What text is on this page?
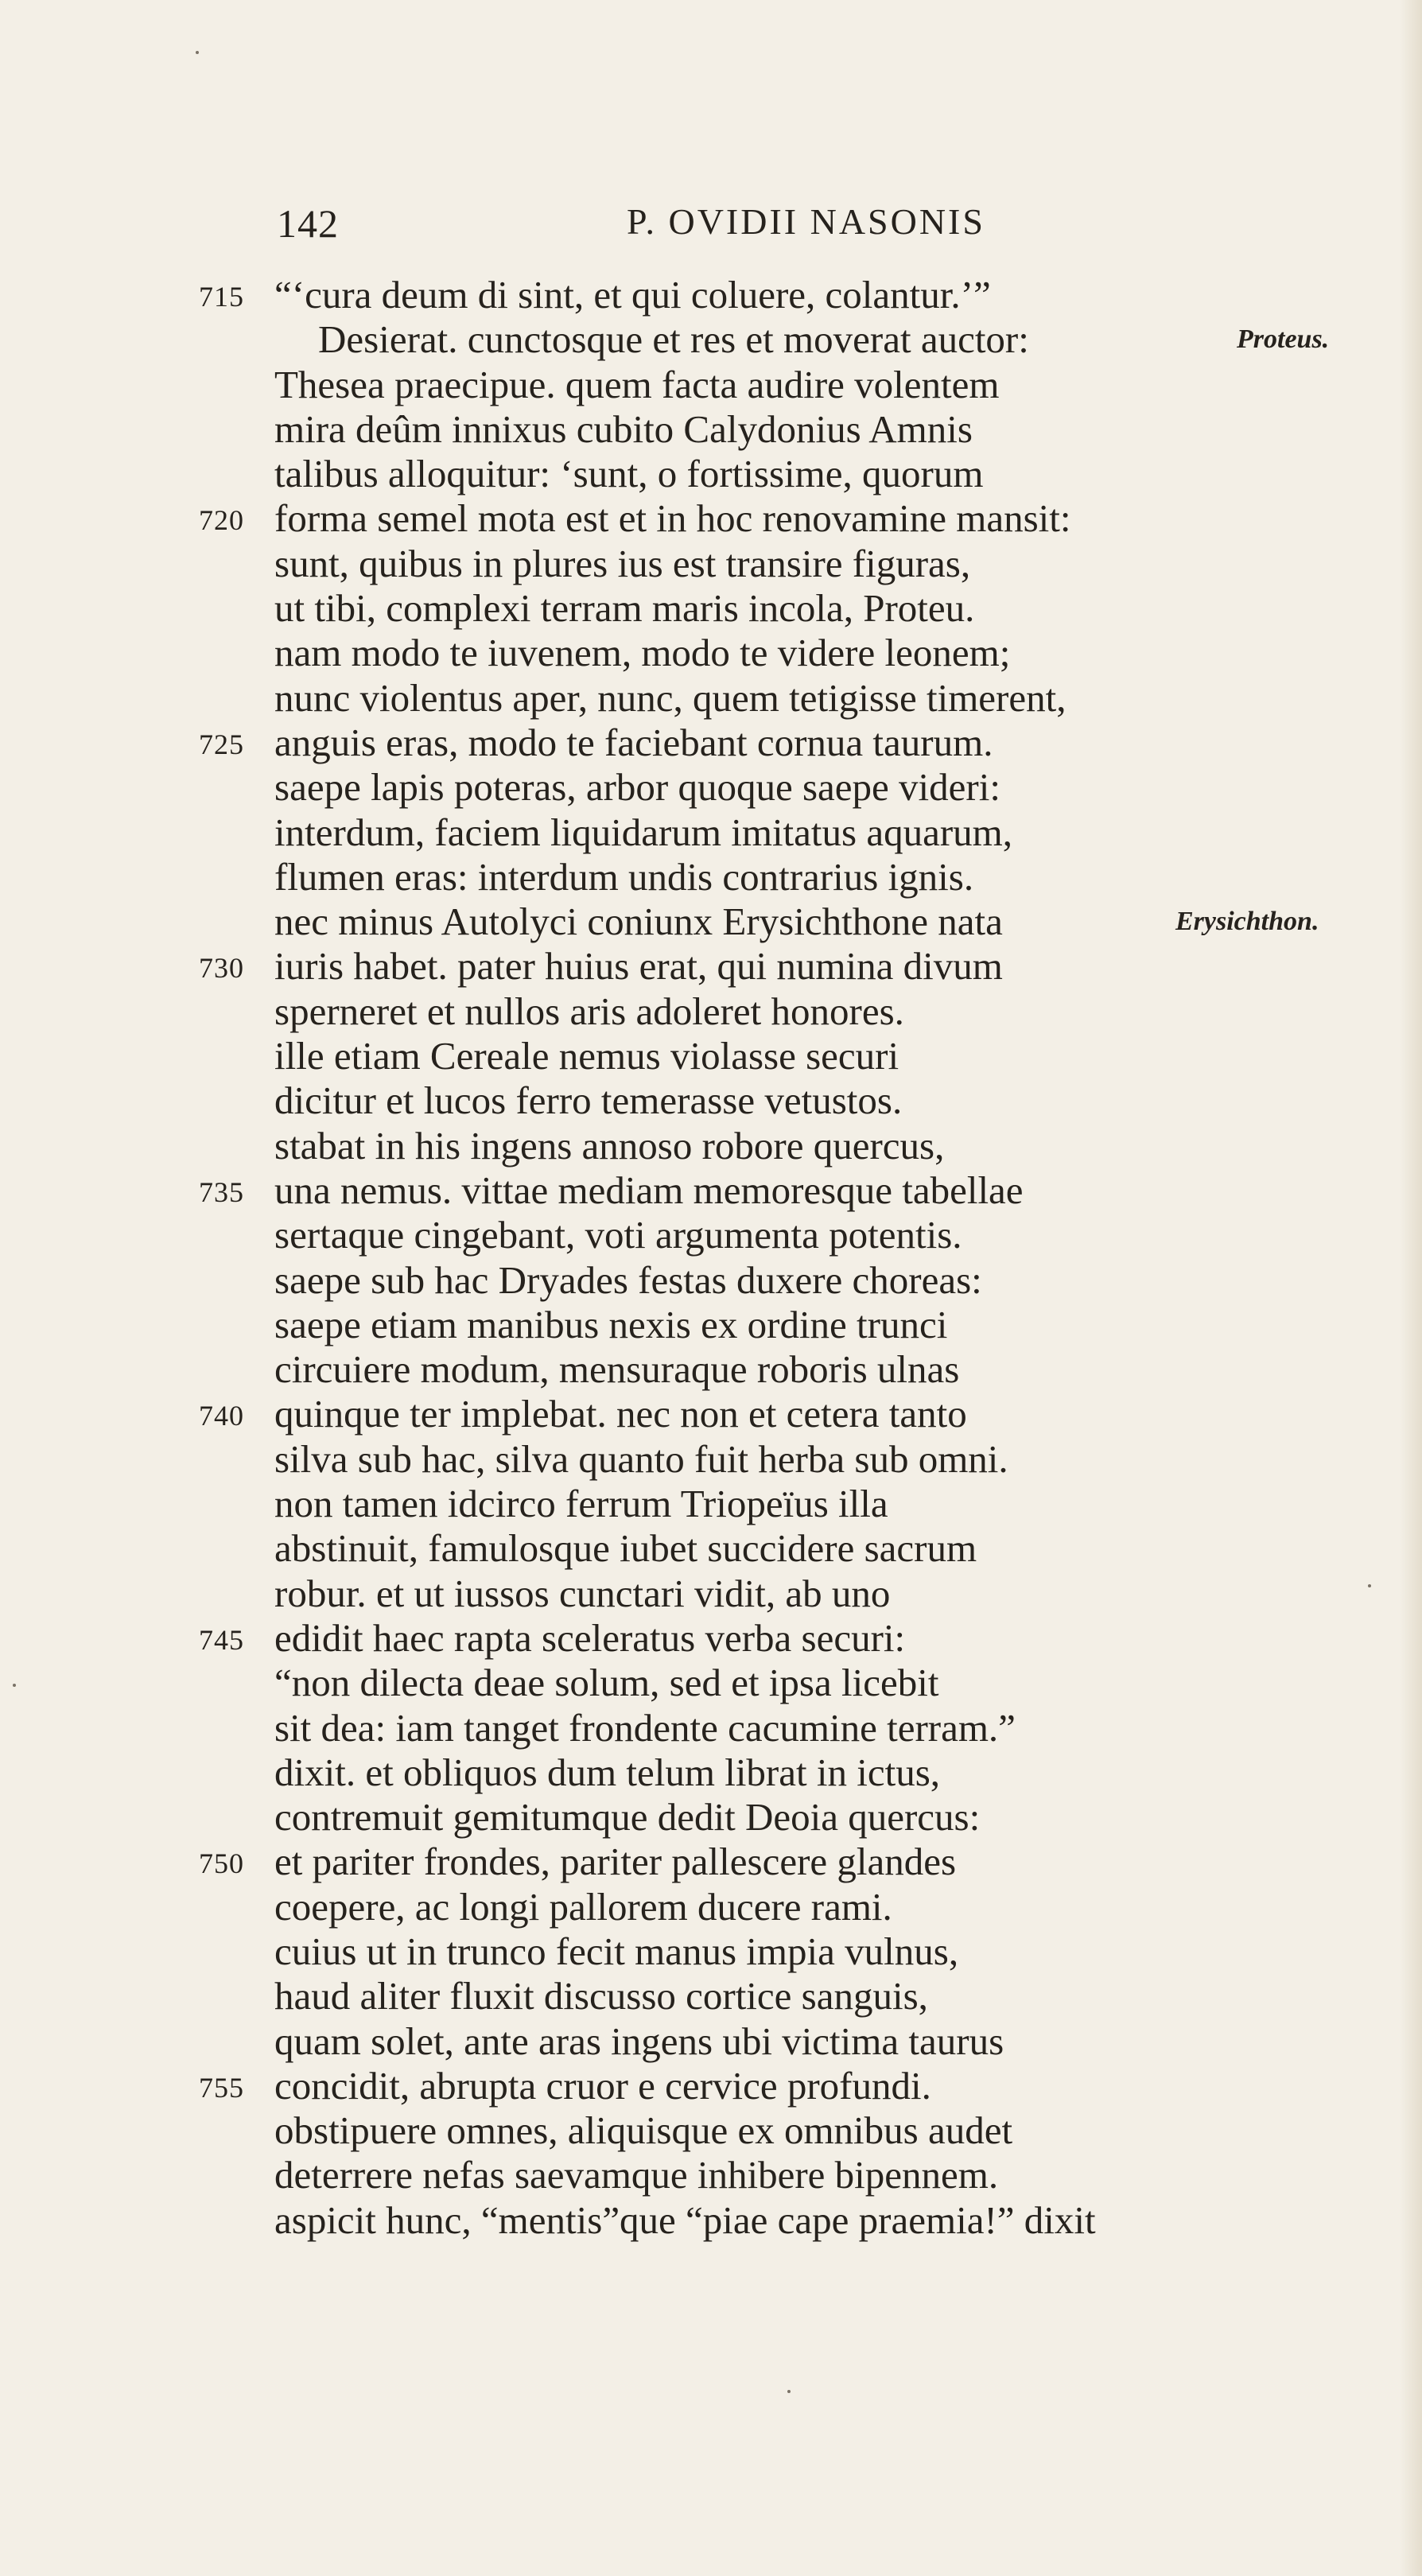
142	P. OVIDII NASONIS
715 “‘cura deum di sint, et qui coluere, colantur.’”
Desierat. cunctosque et res et moverat auctor:	Proteus.
Thesea praecipue. quem facta audire volentem
mira deûm innixus cubito Calydonius Amnis
talibus alloquitur: ‘sunt, o fortissime, quorum
720 forma semel mota est et in hoc renovamine mansit:
sunt, quibus in plures ius est transire figuras,
ut tibi, complexi terram maris incola, Proteu.
nam modo te iuvenem, modo te videre leonem;
nunc violentus aper, nunc, quem tetigisse timerent,
725 anguis eras, modo te faciebant cornua taurum.
saepe lapis poteras, arbor quoque saepe videri:
interdum, faciem liquidarum imitatus aquarum,
flumen eras: interdum undis contrarius ignis.
nec minus Autolyci coniunx Erysichthone nata	Erysichthon.
730 iuris habet. pater huius erat, qui numina divum
sperneret et nullos aris adoleret honores.
ille etiam Cereale nemus violasse securi
dicitur et lucos ferro temerasse vetustos.
stabat in his ingens annoso robore quercus,
735 una nemus. vittae mediam memoresque tabellae
sertaque cingebant, voti argumenta potentis.
saepe sub hac Dryades festas duxere choreas:
saepe etiam manibus nexis ex ordine trunci
circuiere modum, mensuraque roboris ulnas
740 quinque ter implebat. nec non et cetera tanto
silva sub hac, silva quanto fuit herba sub omni.
non tamen idcirco ferrum Triopeïus illa
abstinuit, famulosque iubet succidere sacrum
robur. et ut iussos cunctari vidit, ab uno
745 edidit haec rapta sceleratus verba securi:
“non dilecta deae solum, sed et ipsa licebit
sit dea: iam tanget frondente cacumine terram.”
dixit. et obliquos dum telum librat in ictus,
contremuit gemitumque dedit Deoia quercus:
750 et pariter frondes, pariter pallescere glandes
coepere, ac longi pallorem ducere rami.
cuius ut in trunco fecit manus impia vulnus,
haud aliter fluxit discusso cortice sanguis,
quam solet, ante aras ingens ubi victima taurus
755 concidit, abrupta cruor e cervice profundi.
obstipuere omnes, aliquisque ex omnibus audet
deterrere nefas saevamque inhibere bipennem.
aspicit hunc, “mentis”que “piae cape praemia!” dixit
